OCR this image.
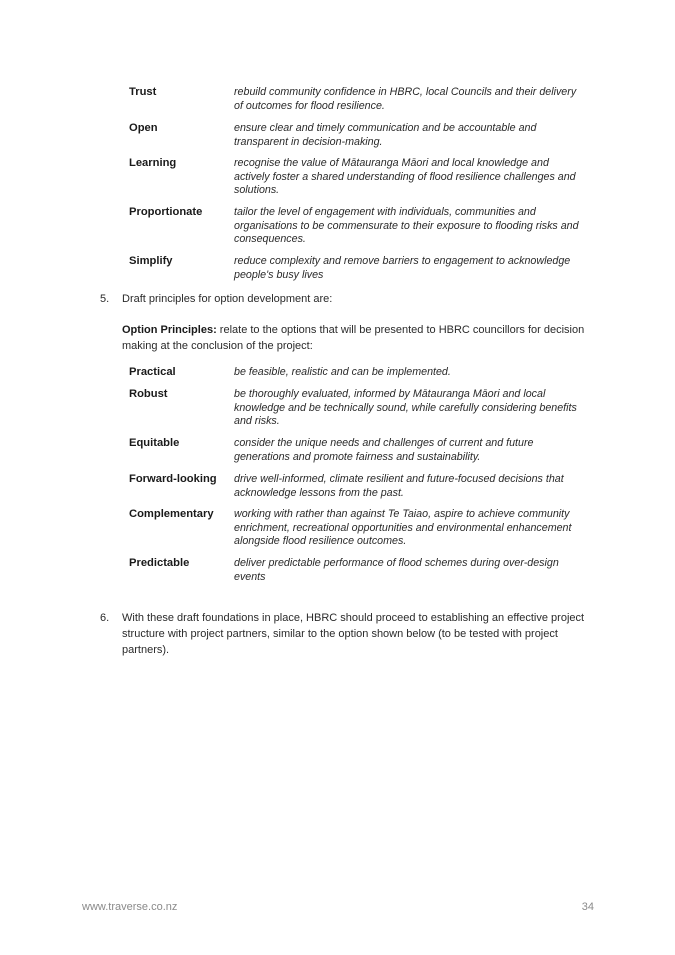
Trust	rebuild community confidence in HBRC, local Councils and their delivery of outcomes for flood resilience.
Open	ensure clear and timely communication and be accountable and transparent in decision-making.
Learning	recognise the value of Mātauranga Māori and local knowledge and actively foster a shared understanding of flood resilience challenges and solutions.
Proportionate	tailor the level of engagement with individuals, communities and organisations to be commensurate to their exposure to flooding risks and consequences.
Simplify	reduce complexity and remove barriers to engagement to acknowledge people's busy lives
5.	Draft principles for option development are:
Option Principles: relate to the options that will be presented to HBRC councillors for decision making at the conclusion of the project:
Practical	be feasible, realistic and can be implemented.
Robust	be thoroughly evaluated, informed by Mātauranga Māori and local knowledge and be technically sound, while carefully considering benefits and risks.
Equitable	consider the unique needs and challenges of current and future generations and promote fairness and sustainability.
Forward-looking	drive well-informed, climate resilient and future-focused decisions that acknowledge lessons from the past.
Complementary	working with rather than against Te Taiao, aspire to achieve community enrichment, recreational opportunities and environmental enhancement alongside flood resilience outcomes.
Predictable	deliver predictable performance of flood schemes during over-design events
6.	With these draft foundations in place, HBRC should proceed to establishing an effective project structure with project partners, similar to the option shown below (to be tested with project partners).
www.traverse.co.nz	34
